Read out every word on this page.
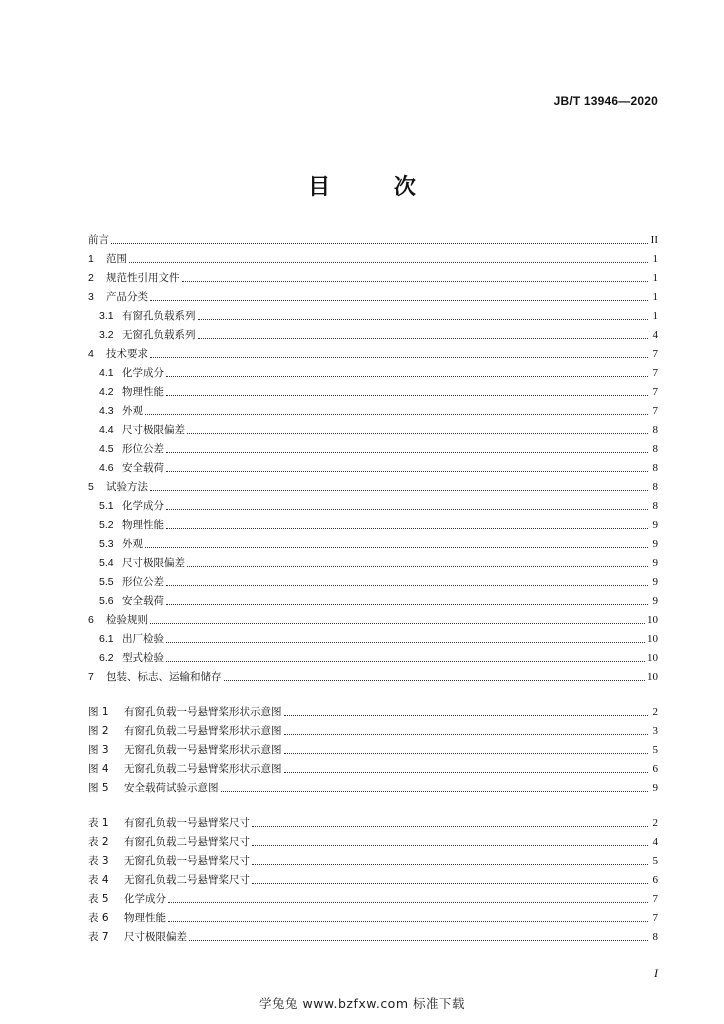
JB/T 13946—2020
目 次
前言	II
1	范围	1
2	规范性引用文件	1
3	产品分类	1
3.1 有窗孔负载系列	1
3.2 无窗孔负载系列	4
4	技术要求	7
4.1 化学成分	7
4.2 物理性能	7
4.3 外观	7
4.4 尺寸极限偏差	8
4.5 形位公差	8
4.6 安全载荷	8
5	试验方法	8
5.1 化学成分	8
5.2 物理性能	9
5.3 外观	9
5.4 尺寸极限偏差	9
5.5 形位公差	9
5.6 安全载荷	9
6	检验规则	10
6.1 出厂检验	10
6.2 型式检验	10
7	包装、标志、运输和储存	10
图 1	有窗孔负载一号悬臂桨形状示意图	2
图 2	有窗孔负载二号悬臂桨形状示意图	3
图 3	无窗孔负载一号悬臂桨形状示意图	5
图 4	无窗孔负载二号悬臂桨形状示意图	6
图 5	安全载荷试验示意图	9
表 1	有窗孔负载一号悬臂桨尺寸	2
表 2	有窗孔负载二号悬臂桨尺寸	4
表 3	无窗孔负载一号悬臂桨尺寸	5
表 4	无窗孔负载二号悬臂桨尺寸	6
表 5	化学成分	7
表 6	物理性能	7
表 7	尺寸极限偏差	8
I
学兔兔 www.bzfxw.com 标准下载
